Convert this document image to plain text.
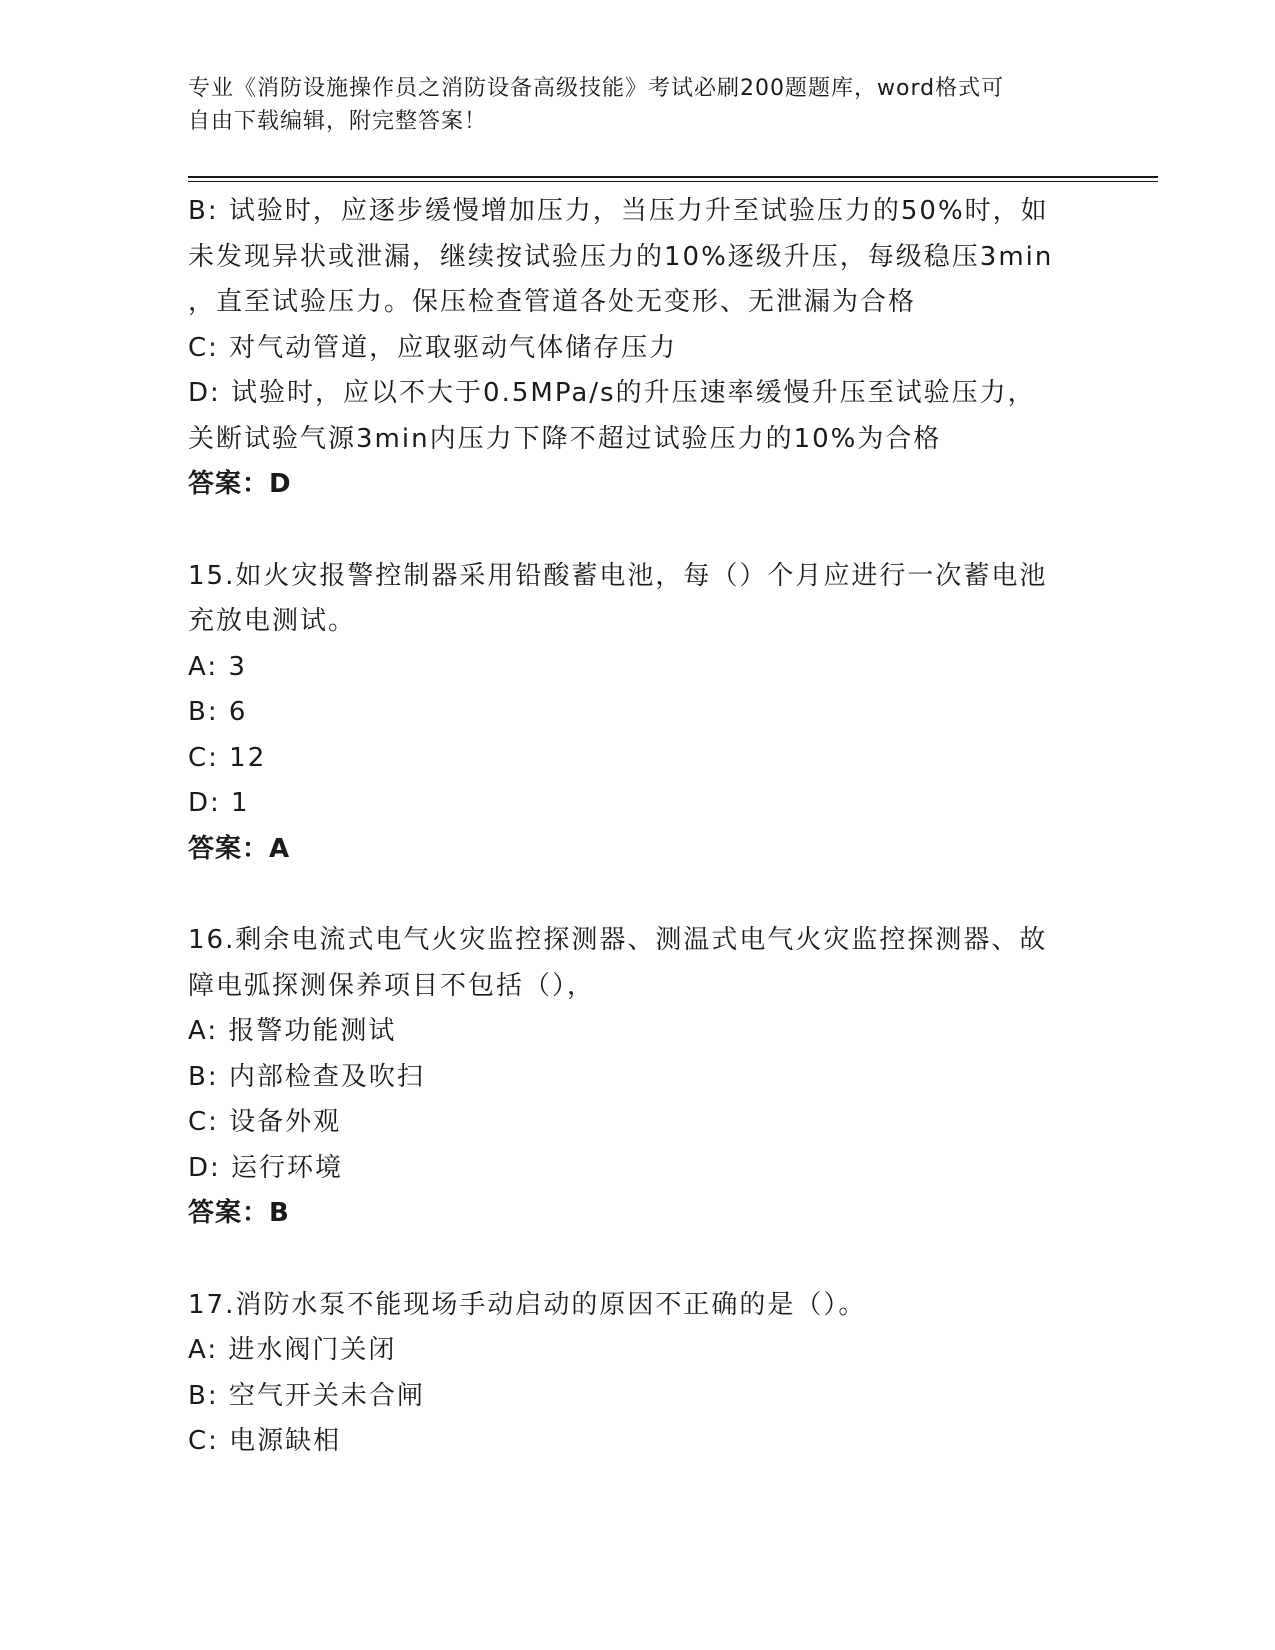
专业《消防设施操作员之消防设备高级技能》考试必刷200题题库，word格式可
自由下载编辑，附完整答案！
B: 试验时，应逐步缓慢增加压力，当压力升至试验压力的50%时，如
未发现异状或泄漏，继续按试验压力的10%逐级升压，每级稳压3min
，直至试验压力。保压检查管道各处无变形、无泄漏为合格
C: 对气动管道，应取驱动气体储存压力
D: 试验时，应以不大于0.5MPa/s的升压速率缓慢升压至试验压力，
关断试验气源3min内压力下降不超过试验压力的10%为合格
答案：D
15.如火灾报警控制器采用铅酸蓄电池，每（）个月应进行一次蓄电池
充放电测试。
A: 3
B: 6
C: 12
D: 1
答案：A
16.剩余电流式电气火灾监控探测器、测温式电气火灾监控探测器、故
障电弧探测保养项目不包括（），
A: 报警功能测试
B: 内部检查及吹扫
C: 设备外观
D: 运行环境
答案：B
17.消防水泵不能现场手动启动的原因不正确的是（）。
A: 进水阀门关闭
B: 空气开关未合闸
C: 电源缺相
